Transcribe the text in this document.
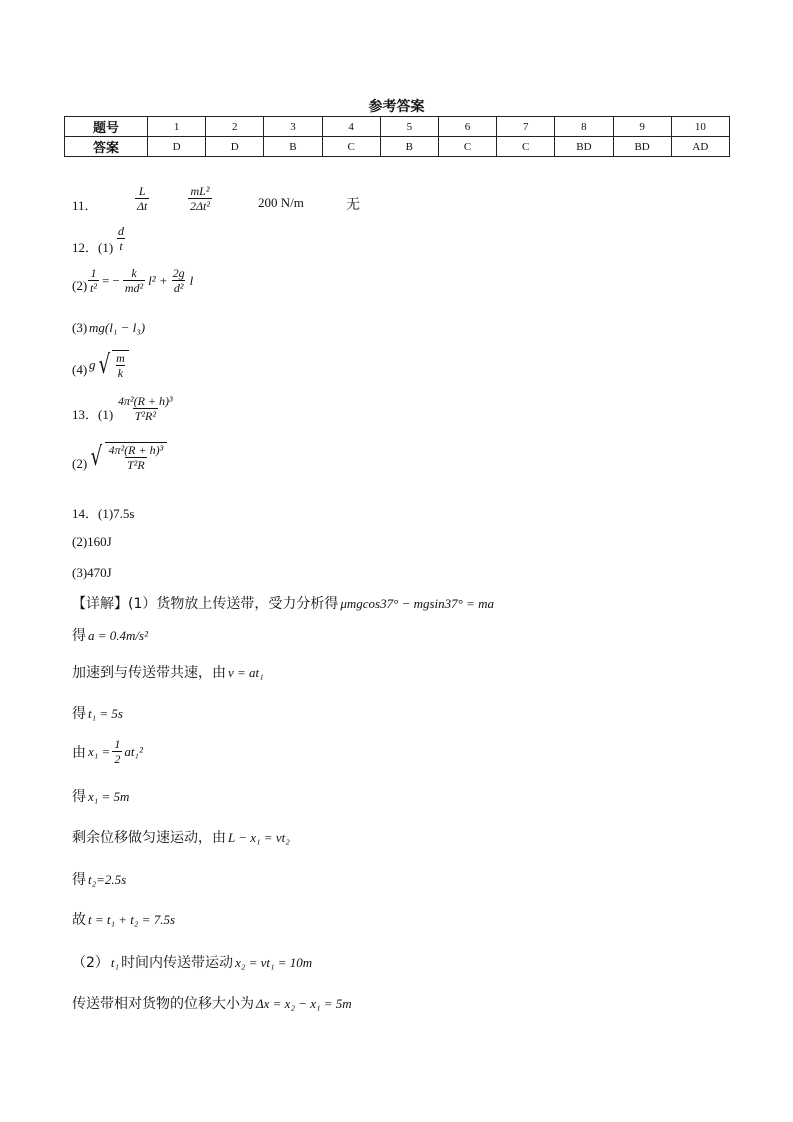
参考答案
题号	1	2	3	4	5	6	7	8	9	10
答案	D	D	B	C	B	C	C	BD	BD	AD
11．	$\frac{L}{\Delta t}$	$\frac{\text{mL²}}{\text{2Δt²}}$	200 N/m	无
12．$(1) \frac{d}{t}$
$(2) \frac{1}{\text{t²}}$ = − $\frac{k}{\text{md²}} l^2 + \frac{2g}{\text{d²}}$ l
(3) mg(l₁ − l₃)
(4) g √ $\frac{m}{k}$
13．$(1) \frac{\text{4π²(R + h)³}}{\text{T²R²}}$
(2) √ $\frac{\text{4π²(R + h)³}}{\text{T²R}}$
14．(1)7.5s
(2)160J
(3)470J
【详解】(1）货物放上传送带，受力分析得 μmgcos37° − mgsin37° = ma
得 a = 0.4m/s²
加速到与传送带共速，由 v = at₁
得 t₁ = 5s
由 $x_1 = \frac{1}{2} at_1^2$
得 x₁ = 5m
剩余位移做匀速运动，由 L − x₁ = vt₂
得 t₂=2.5s
故 t = t₁ + t₂ = 7.5s
（2） t₁ 时间内传送带运动 x₂ = vt₁ = 10m
传送带相对货物的位移大小为 Δx = x₂ − x₁ = 5m
